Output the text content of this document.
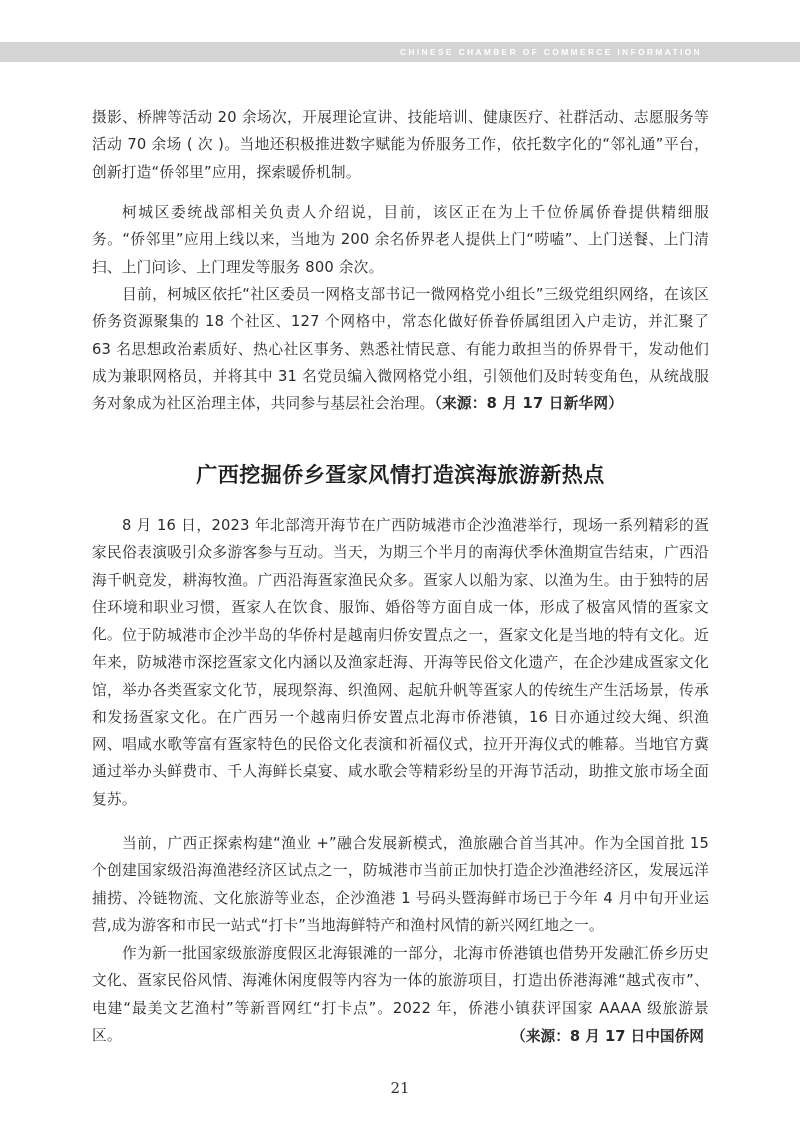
CHINESE CHAMBER OF COMMERCE INFORMATION

摄影、桥牌等活动 20 余场次，开展理论宣讲、技能培训、健康医疗、社群活动、志愿服务等活动 70 余场 ( 次 )。当地还积极推进数字赋能为侨服务工作，依托数字化的“邻礼通”平台，创新打造“侨邻里”应用，探索暖侨机制。

柯城区委统战部相关负责人介绍说，目前，该区正在为上千位侨属侨眷提供精细服务。“侨邻里”应用上线以来，当地为 200 余名侨界老人提供上门“唠嗑”、上门送餐、上门清扫、上门问诊、上门理发等服务 800 余次。

目前，柯城区依托“社区委员一网格支部书记一微网格党小组长”三级党组织网络，在该区侨务资源聚集的 18 个社区、127 个网格中，常态化做好侨眷侨属组团入户走访，并汇聚了 63 名思想政治素质好、热心社区事务、熟悉社情民意、有能力敢担当的侨界骨干，发动他们成为兼职网格员，并将其中 31 名党员编入微网格党小组，引领他们及时转变角色，从统战服务对象成为社区治理主体，共同参与基层社会治理。（来源：8 月 17 日新华网）

广西挖掘侨乡疍家风情打造滨海旅游新热点

8 月 16 日，2023 年北部湾开海节在广西防城港市企沙渔港举行，现场一系列精彩的疍家民俗表演吸引众多游客参与互动。当天，为期三个半月的南海伏季休渔期宣告结束，广西沿海千帆竞发，耕海牧渔。广西沿海疍家渔民众多。疍家人以船为家、以渔为生。由于独特的居住环境和职业习惯，疍家人在饮食、服饰、婚俗等方面自成一体，形成了极富风情的疍家文化。 位于防城港市企沙半岛的华侨村是越南归侨安置点之一，疍家文化是当地的特有文化。近年来，防城港市深挖疍家文化内涵以及渔家赶海、开海等民俗文化遗产，在企沙建成疍家文化馆，举办各类疍家文化节，展现祭海、织渔网、起航升帆等疍家人的传统生产生活场景，传承和发扬疍家文化。在广西另一个越南归侨安置点北海市侨港镇，16 日亦通过绞大绳、织渔网、唱咸水歌等富有疍家特色的民俗文化表演和祈福仪式，拉开开海仪式的帷幕。当地官方冀通过举办头鲜费市、千人海鲜长桌宴、咸水歌会等精彩纷呈的开海节活动，助推文旅市场全面复苏。

当前，广西正探索构建“渔业 +”融合发展新模式，渔旅融合首当其冲。作为全国首批 15 个创建国家级沿海渔港经济区试点之一，防城港市当前正加快打造企沙渔港经济区，发展远洋捕捞、冷链物流、文化旅游等业态，企沙渔港 1 号码头暨海鲜市场已于今年 4 月中旬开业运营,成为游客和市民一站式“打卡”当地海鲜特产和渔村风情的新兴网红地之一。

作为新一批国家级旅游度假区北海银滩的一部分，北海市侨港镇也借势开发融汇侨乡历史文化、疍家民俗风情、海滩休闲度假等内容为一体的旅游项目，打造出侨港海滩“越式夜市”、电建“最美文艺渔村”等新晋网红“打卡点”。2022 年，侨港小镇获评国家 AAAA 级旅游景区。	（来源：8 月 17 日中国侨网
21
